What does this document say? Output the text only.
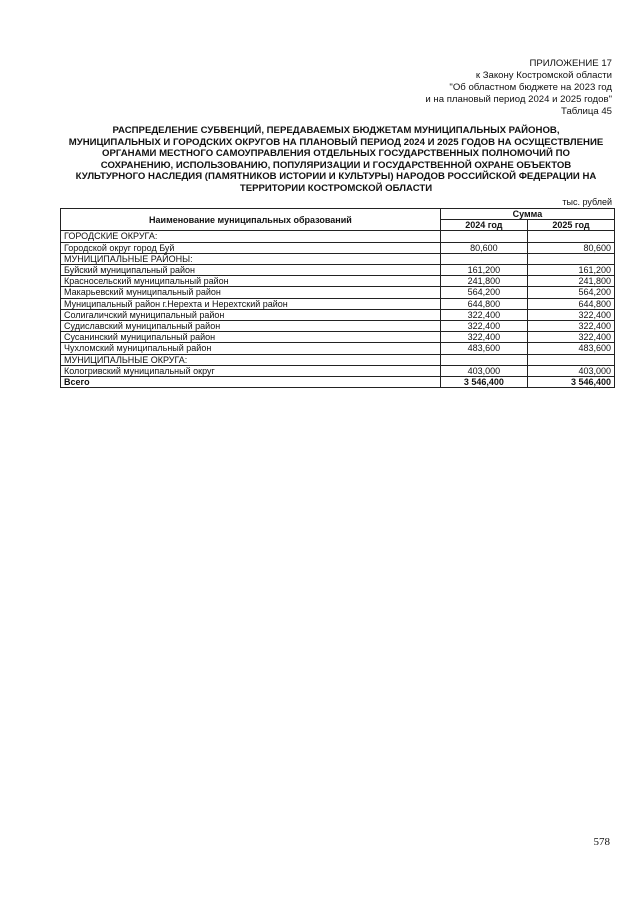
ПРИЛОЖЕНИЕ 17
к Закону Костромской области
"Об областном бюджете на 2023 год
и на плановый период 2024 и 2025 годов"
Таблица 45
РАСПРЕДЕЛЕНИЕ СУБВЕНЦИЙ, ПЕРЕДАВАЕМЫХ БЮДЖЕТАМ МУНИЦИПАЛЬНЫХ РАЙОНОВ,
МУНИЦИПАЛЬНЫХ И ГОРОДСКИХ ОКРУГОВ НА ПЛАНОВЫЙ ПЕРИОД 2024 И 2025 ГОДОВ НА ОСУЩЕСТВЛЕНИЕ
ОРГАНАМИ МЕСТНОГО САМОУПРАВЛЕНИЯ ОТДЕЛЬНЫХ ГОСУДАРСТВЕННЫХ ПОЛНОМОЧИЙ ПО
СОХРАНЕНИЮ, ИСПОЛЬЗОВАНИЮ, ПОПУЛЯРИЗАЦИИ И ГОСУДАРСТВЕННОЙ ОХРАНЕ ОБЪЕКТОВ
КУЛЬТУРНОГО НАСЛЕДИЯ (ПАМЯТНИКОВ ИСТОРИИ И КУЛЬТУРЫ) НАРОДОВ РОССИЙСКОЙ ФЕДЕРАЦИИ НА
ТЕРРИТОРИИ КОСТРОМСКОЙ ОБЛАСТИ
тыс. рублей
Наименование муниципальных образований	Сумма	
	2024 год	2025 год
ГОРОДСКИЕ ОКРУГА:		
Городской округ город Буй	80,600	80,600
МУНИЦИПАЛЬНЫЕ РАЙОНЫ:		
Буйский муниципальный район	161,200	161,200
Красносельский муниципальный район	241,800	241,800
Макарьевский муниципальный район	564,200	564,200
Муниципальный район г.Нерехта и Нерехтский район	644,800	644,800
Солигаличский муниципальный район	322,400	322,400
Судиславский муниципальный район	322,400	322,400
Сусанинский муниципальный район	322,400	322,400
Чухломский муниципальный район	483,600	483,600
МУНИЦИПАЛЬНЫЕ ОКРУГА:		
Кологривский муниципальный округ	403,000	403,000
Всего	3 546,400	3 546,400
578
